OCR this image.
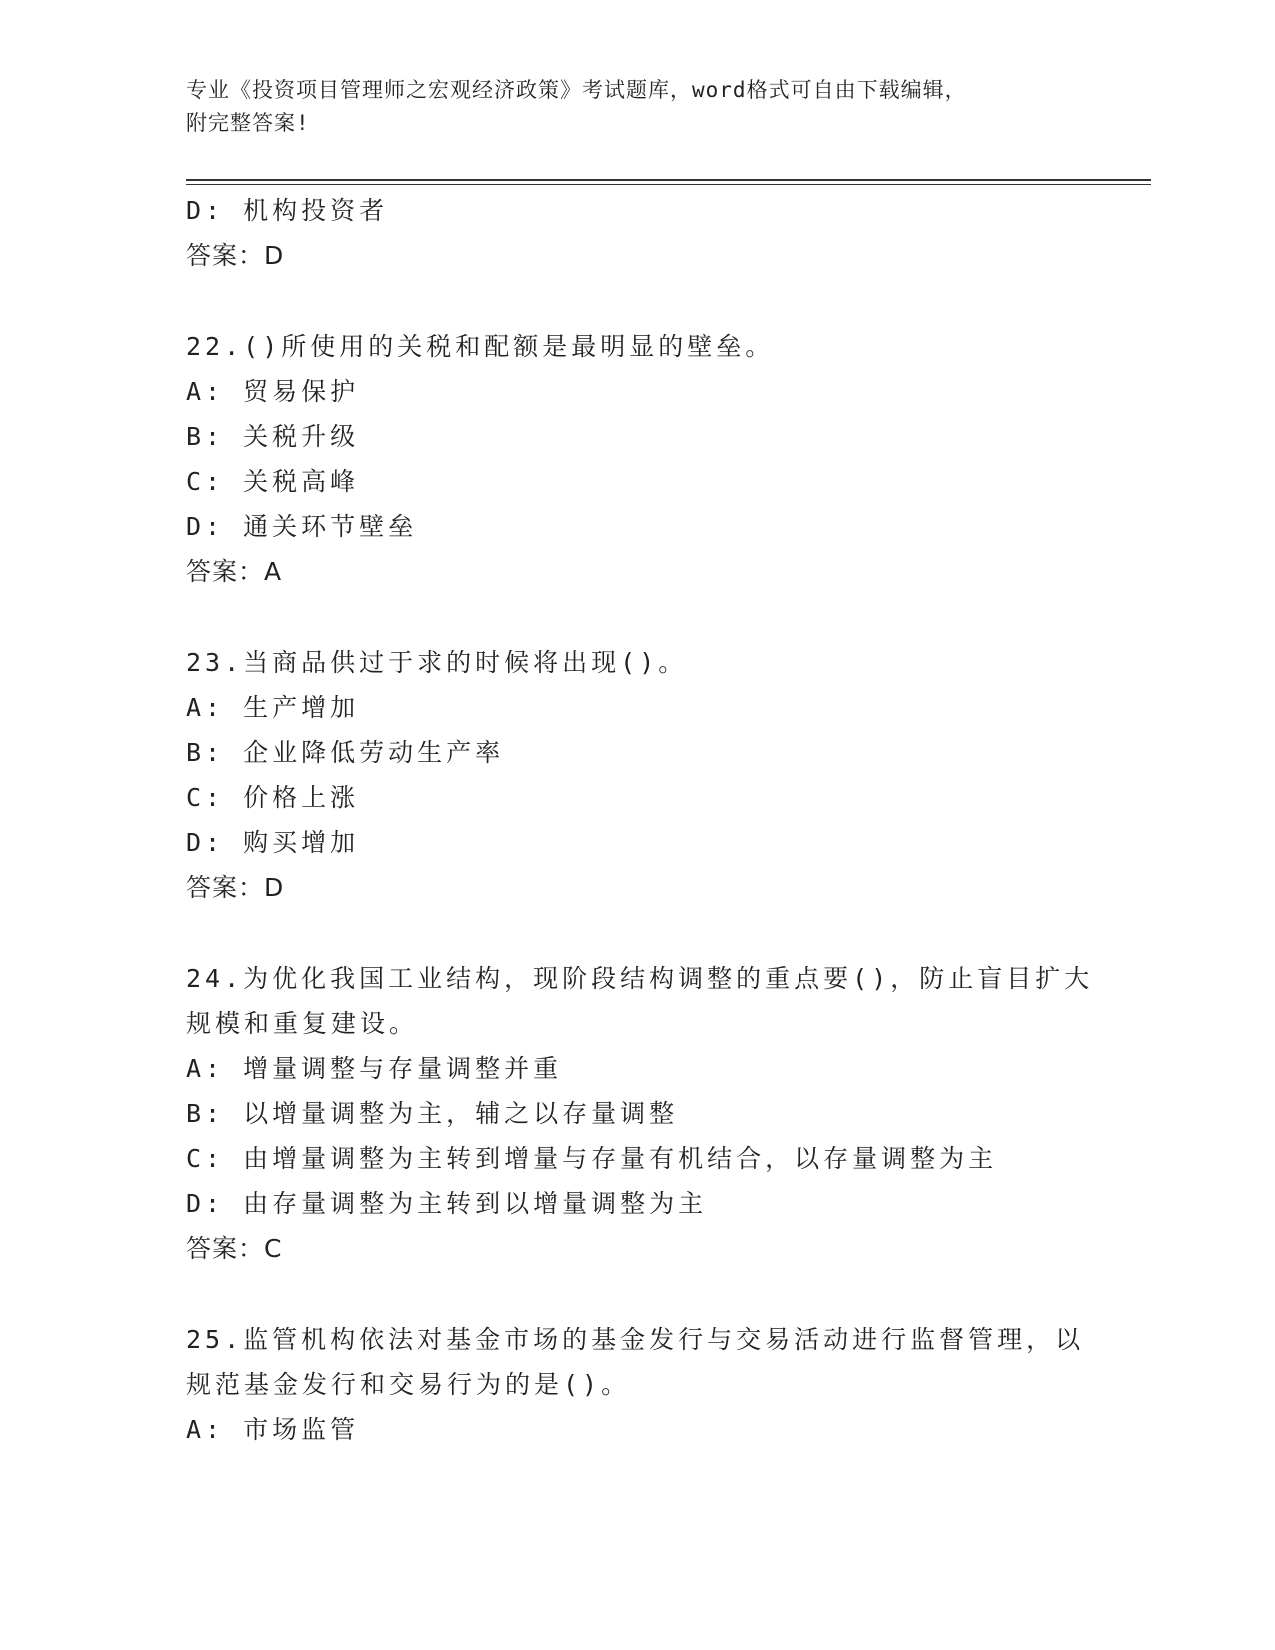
专业《投资项目管理师之宏观经济政策》考试题库，word格式可自由下载编辑，
附完整答案!
D: 机构投资者
答案：D
22.()所使用的关税和配额是最明显的壁垒。
A: 贸易保护
B: 关税升级
C: 关税高峰
D: 通关环节壁垒
答案：A
23.当商品供过于求的时候将出现()。
A: 生产增加
B: 企业降低劳动生产率
C: 价格上涨
D: 购买增加
答案：D
24.为优化我国工业结构，现阶段结构调整的重点要()，防止盲目扩大
规模和重复建设。
A: 增量调整与存量调整并重
B: 以增量调整为主，辅之以存量调整
C: 由增量调整为主转到增量与存量有机结合，以存量调整为主
D: 由存量调整为主转到以增量调整为主
答案：C
25.监管机构依法对基金市场的基金发行与交易活动进行监督管理，以
规范基金发行和交易行为的是()。
A: 市场监管
